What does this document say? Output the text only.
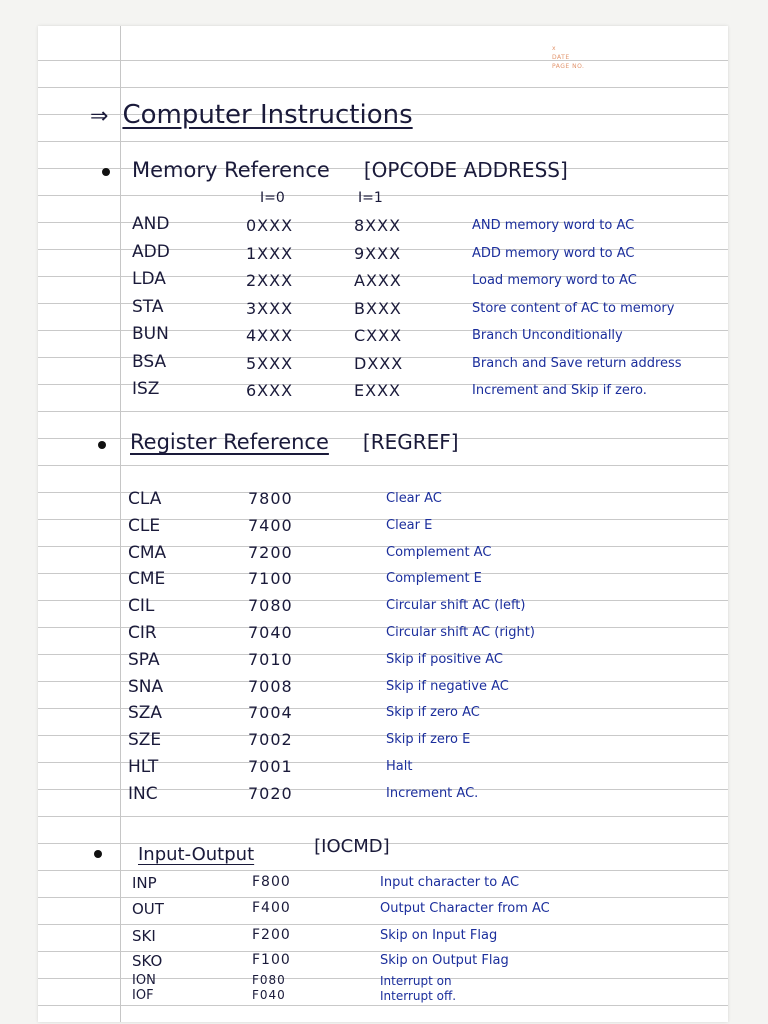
x
DATE
PAGE NO.
⇒ Computer Instructions
Memory Reference [OPCODE ADDRESS]
I=0	I=1
AND	0XXX	8XXX	AND memory word to AC
ADD	1XXX	9XXX	ADD memory word to AC
LDA	2XXX	AXXX	Load memory word to AC
STA	3XXX	BXXX	Store content of AC to memory
BUN	4XXX	CXXX	Branch Unconditionally
BSA	5XXX	DXXX	Branch and Save return address
ISZ	6XXX	EXXX	Increment and Skip if zero.
Register Reference [REGREF]
CLA	7800	Clear AC
CLE	7400	Clear E
CMA	7200	Complement AC
CME	7100	Complement E
CIL	7080	Circular shift AC (left)
CIR	7040	Circular shift AC (right)
SPA	7010	Skip if positive AC
SNA	7008	Skip if negative AC
SZA	7004	Skip if zero AC
SZE	7002	Skip if zero E
HLT	7001	Halt
INC	7020	Increment AC.
Input-Output	[IOCMD]
INP	F800	Input character to AC
OUT	F400	Output Character from AC
SKI	F200	Skip on Input Flag
SKO	F100	Skip on Output Flag
ION	F080	Interrupt on
IOF	F040	Interrupt off.
